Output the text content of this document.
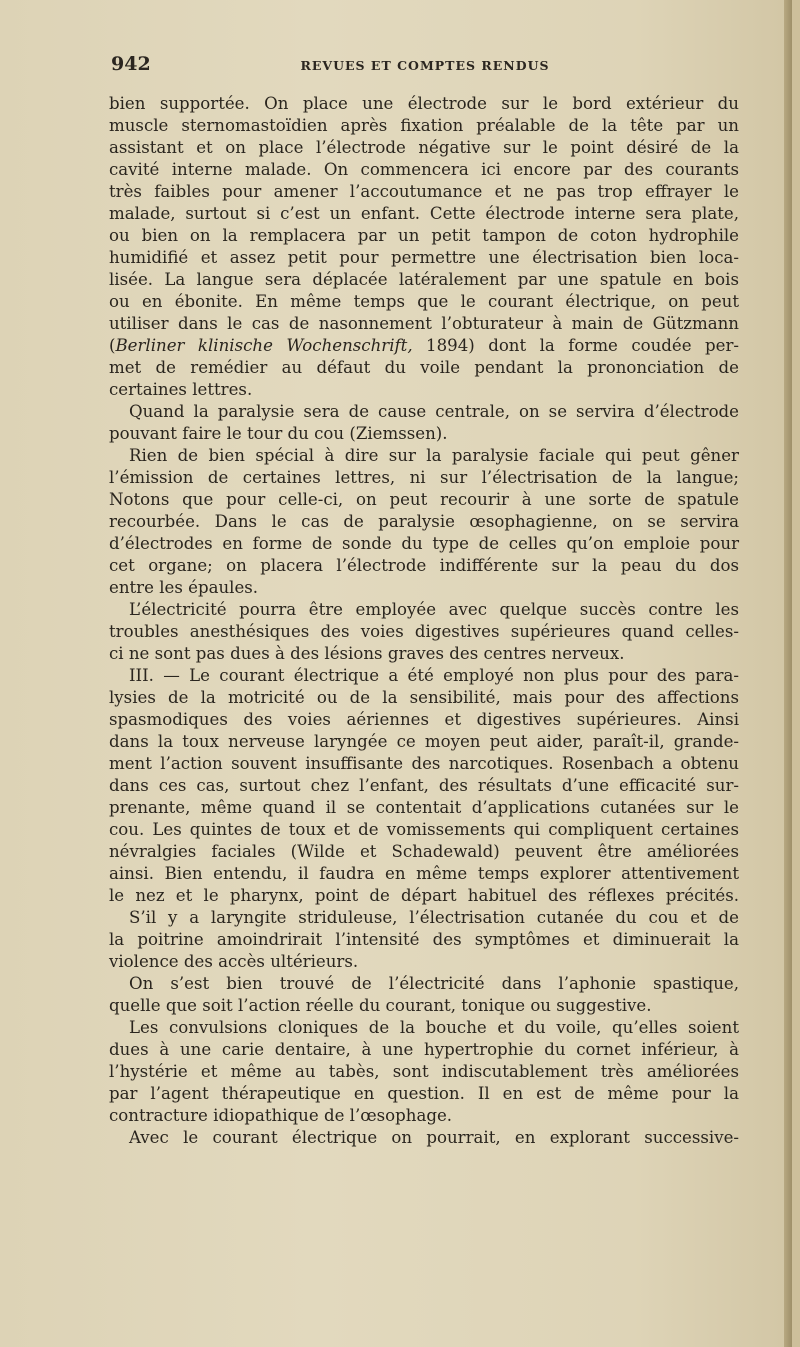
942	REVUES ET COMPTES RENDUS
bien supportée. On place une électrode sur le bord extérieur du
muscle sternomastoïdien après fixation préalable de la tête par un
assistant et on place l’électrode négative sur le point désiré de la
cavité interne malade. On commencera ici encore par des courants
très faibles pour amener l’accoutumance et ne pas trop effrayer le
malade, surtout si c’est un enfant. Cette électrode interne sera plate,
ou bien on la remplacera par un petit tampon de coton hydrophile
humidifié et assez petit pour permettre une électrisation bien loca-
lisée. La langue sera déplacée latéralement par une spatule en bois
ou en ébonite. En même temps que le courant électrique, on peut
utiliser dans le cas de nasonnement l’obturateur à main de Gützmann
(Berliner klinische Wochenschrift, 1894) dont la forme coudée per-
met de remédier au défaut du voile pendant la prononciation de
certaines lettres.
Quand la paralysie sera de cause centrale, on se servira d’électrode
pouvant faire le tour du cou (Ziemssen).
Rien de bien spécial à dire sur la paralysie faciale qui peut gêner
l’émission de certaines lettres, ni sur l’électrisation de la langue;
Notons que pour celle-ci, on peut recourir à une sorte de spatule
recourbée. Dans le cas de paralysie œsophagienne, on se servira
d’électrodes en forme de sonde du type de celles qu’on emploie pour
cet organe; on placera l’électrode indifférente sur la peau du dos
entre les épaules.
L’électricité pourra être employée avec quelque succès contre les
troubles anesthésiques des voies digestives supérieures quand celles-
ci ne sont pas dues à des lésions graves des centres nerveux.
III. — Le courant électrique a été employé non plus pour des para-
lysies de la motricité ou de la sensibilité, mais pour des affections
spasmodiques des voies aériennes et digestives supérieures. Ainsi
dans la toux nerveuse laryngée ce moyen peut aider, paraît-il, grande-
ment l’action souvent insuffisante des narcotiques. Rosenbach a obtenu
dans ces cas, surtout chez l’enfant, des résultats d’une efficacité sur-
prenante, même quand il se contentait d’applications cutanées sur le
cou. Les quintes de toux et de vomissements qui compliquent certaines
névralgies faciales (Wilde et Schadewald) peuvent être améliorées
ainsi. Bien entendu, il faudra en même temps explorer attentivement
le nez et le pharynx, point de départ habituel des réflexes précités.
S’il y a laryngite striduleuse, l’électrisation cutanée du cou et de
la poitrine amoindrirait l’intensité des symptômes et diminuerait la
violence des accès ultérieurs.
On s’est bien trouvé de l’électricité dans l’aphonie spastique,
quelle que soit l’action réelle du courant, tonique ou suggestive.
Les convulsions cloniques de la bouche et du voile, qu’elles soient
dues à une carie dentaire, à une hypertrophie du cornet inférieur, à
l’hystérie et même au tabès, sont indiscutablement très améliorées
par l’agent thérapeutique en question. Il en est de même pour la
contracture idiopathique de l’œsophage.
Avec le courant électrique on pourrait, en explorant successive-
